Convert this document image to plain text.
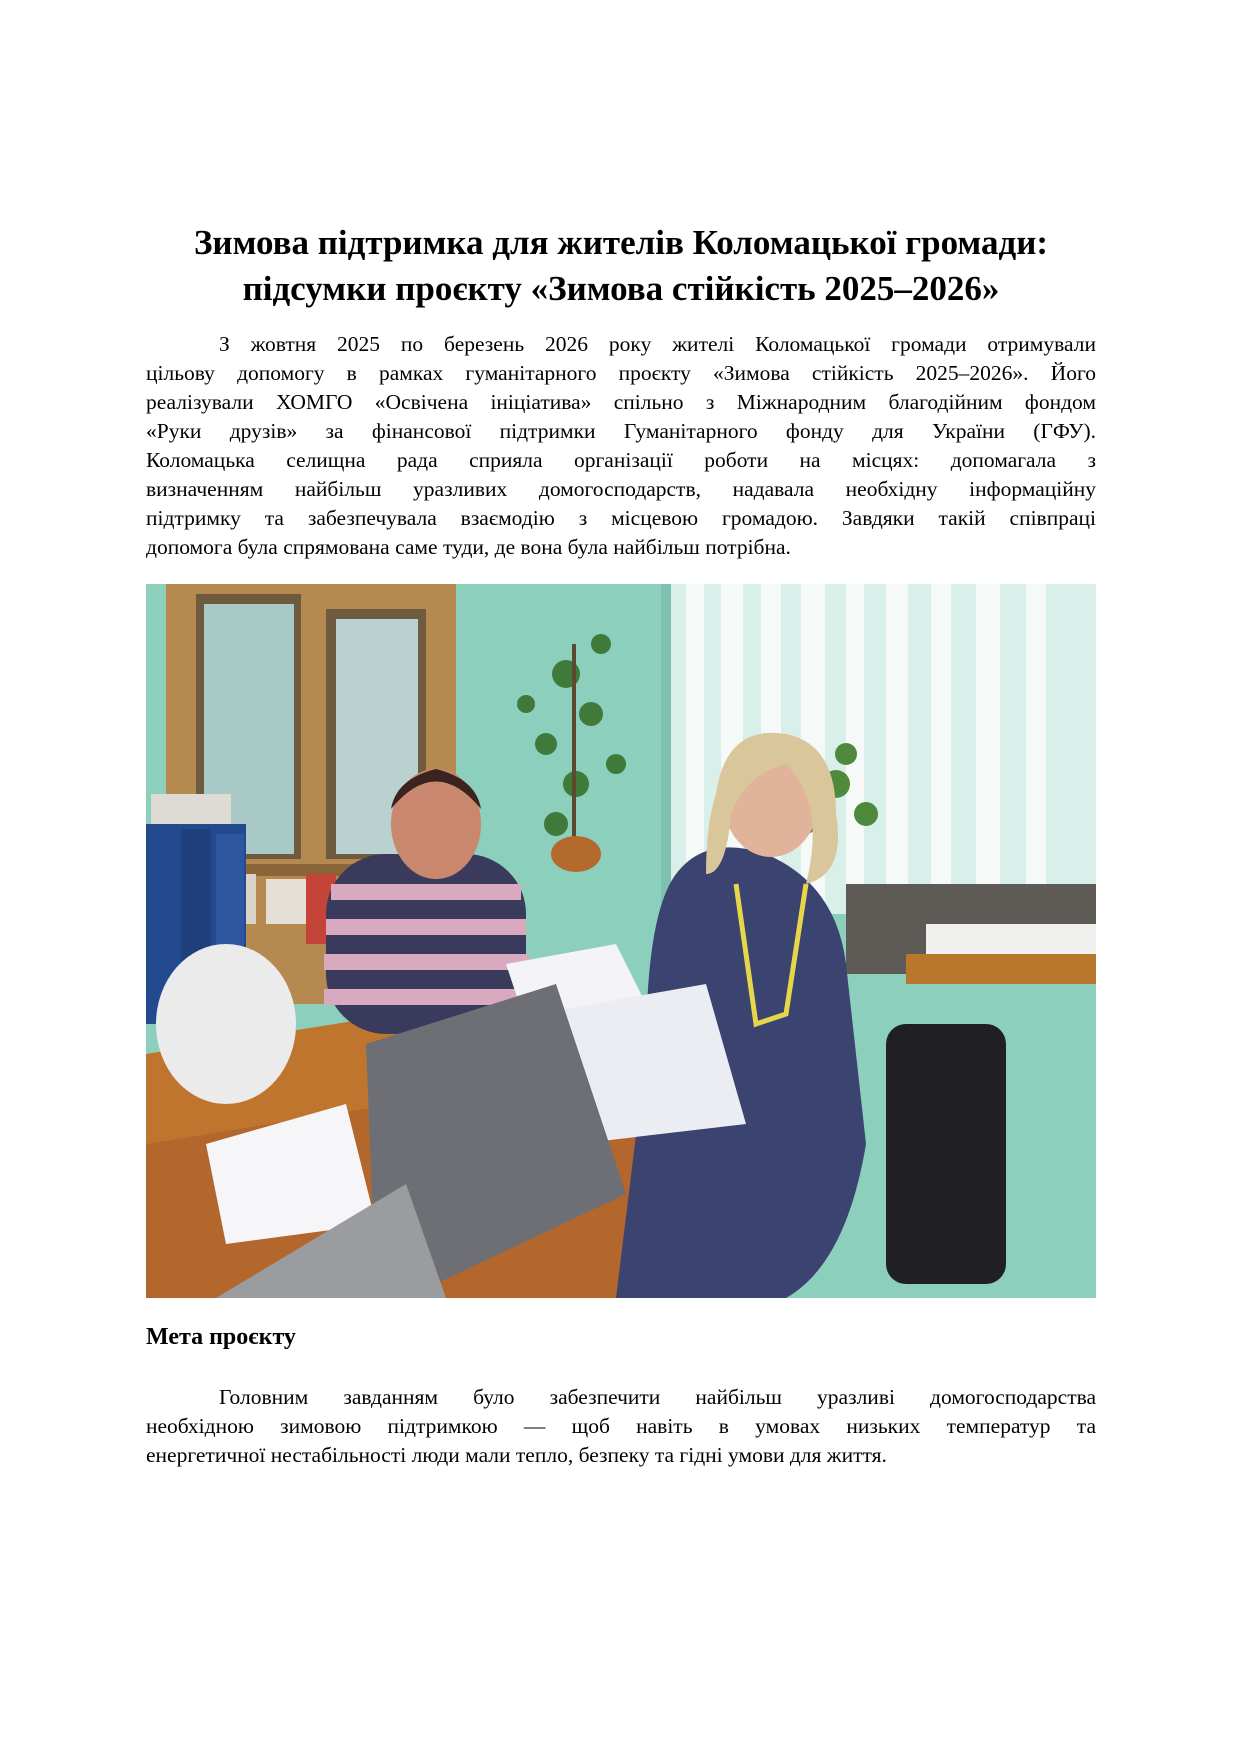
Зимова підтримка для жителів Коломацької громади:
підсумки проєкту «Зимова стійкість 2025–2026»
З жовтня 2025 по березень 2026 року жителі Коломацької громади отримували
цільову допомогу в рамках гуманітарного проєкту «Зимова стійкість 2025–2026». Його
реалізували ХОМГО «Освічена ініціатива» спільно з Міжнародним благодійним фондом
«Руки друзів» за фінансової підтримки Гуманітарного фонду для України (ГФУ).
Коломацька селищна рада сприяла організації роботи на місцях: допомагала з
визначенням найбільш уразливих домогосподарств, надавала необхідну інформаційну
підтримку та забезпечувала взаємодію з місцевою громадою. Завдяки такій співпраці
допомога була спрямована саме туди, де вона була найбільш потрібна.
Мета проєкту
Головним завданням було забезпечити найбільш уразливі домогосподарства
необхідною зимовою підтримкою — щоб навіть в умовах низьких температур та
енергетичної нестабільності люди мали тепло, безпеку та гідні умови для життя.
